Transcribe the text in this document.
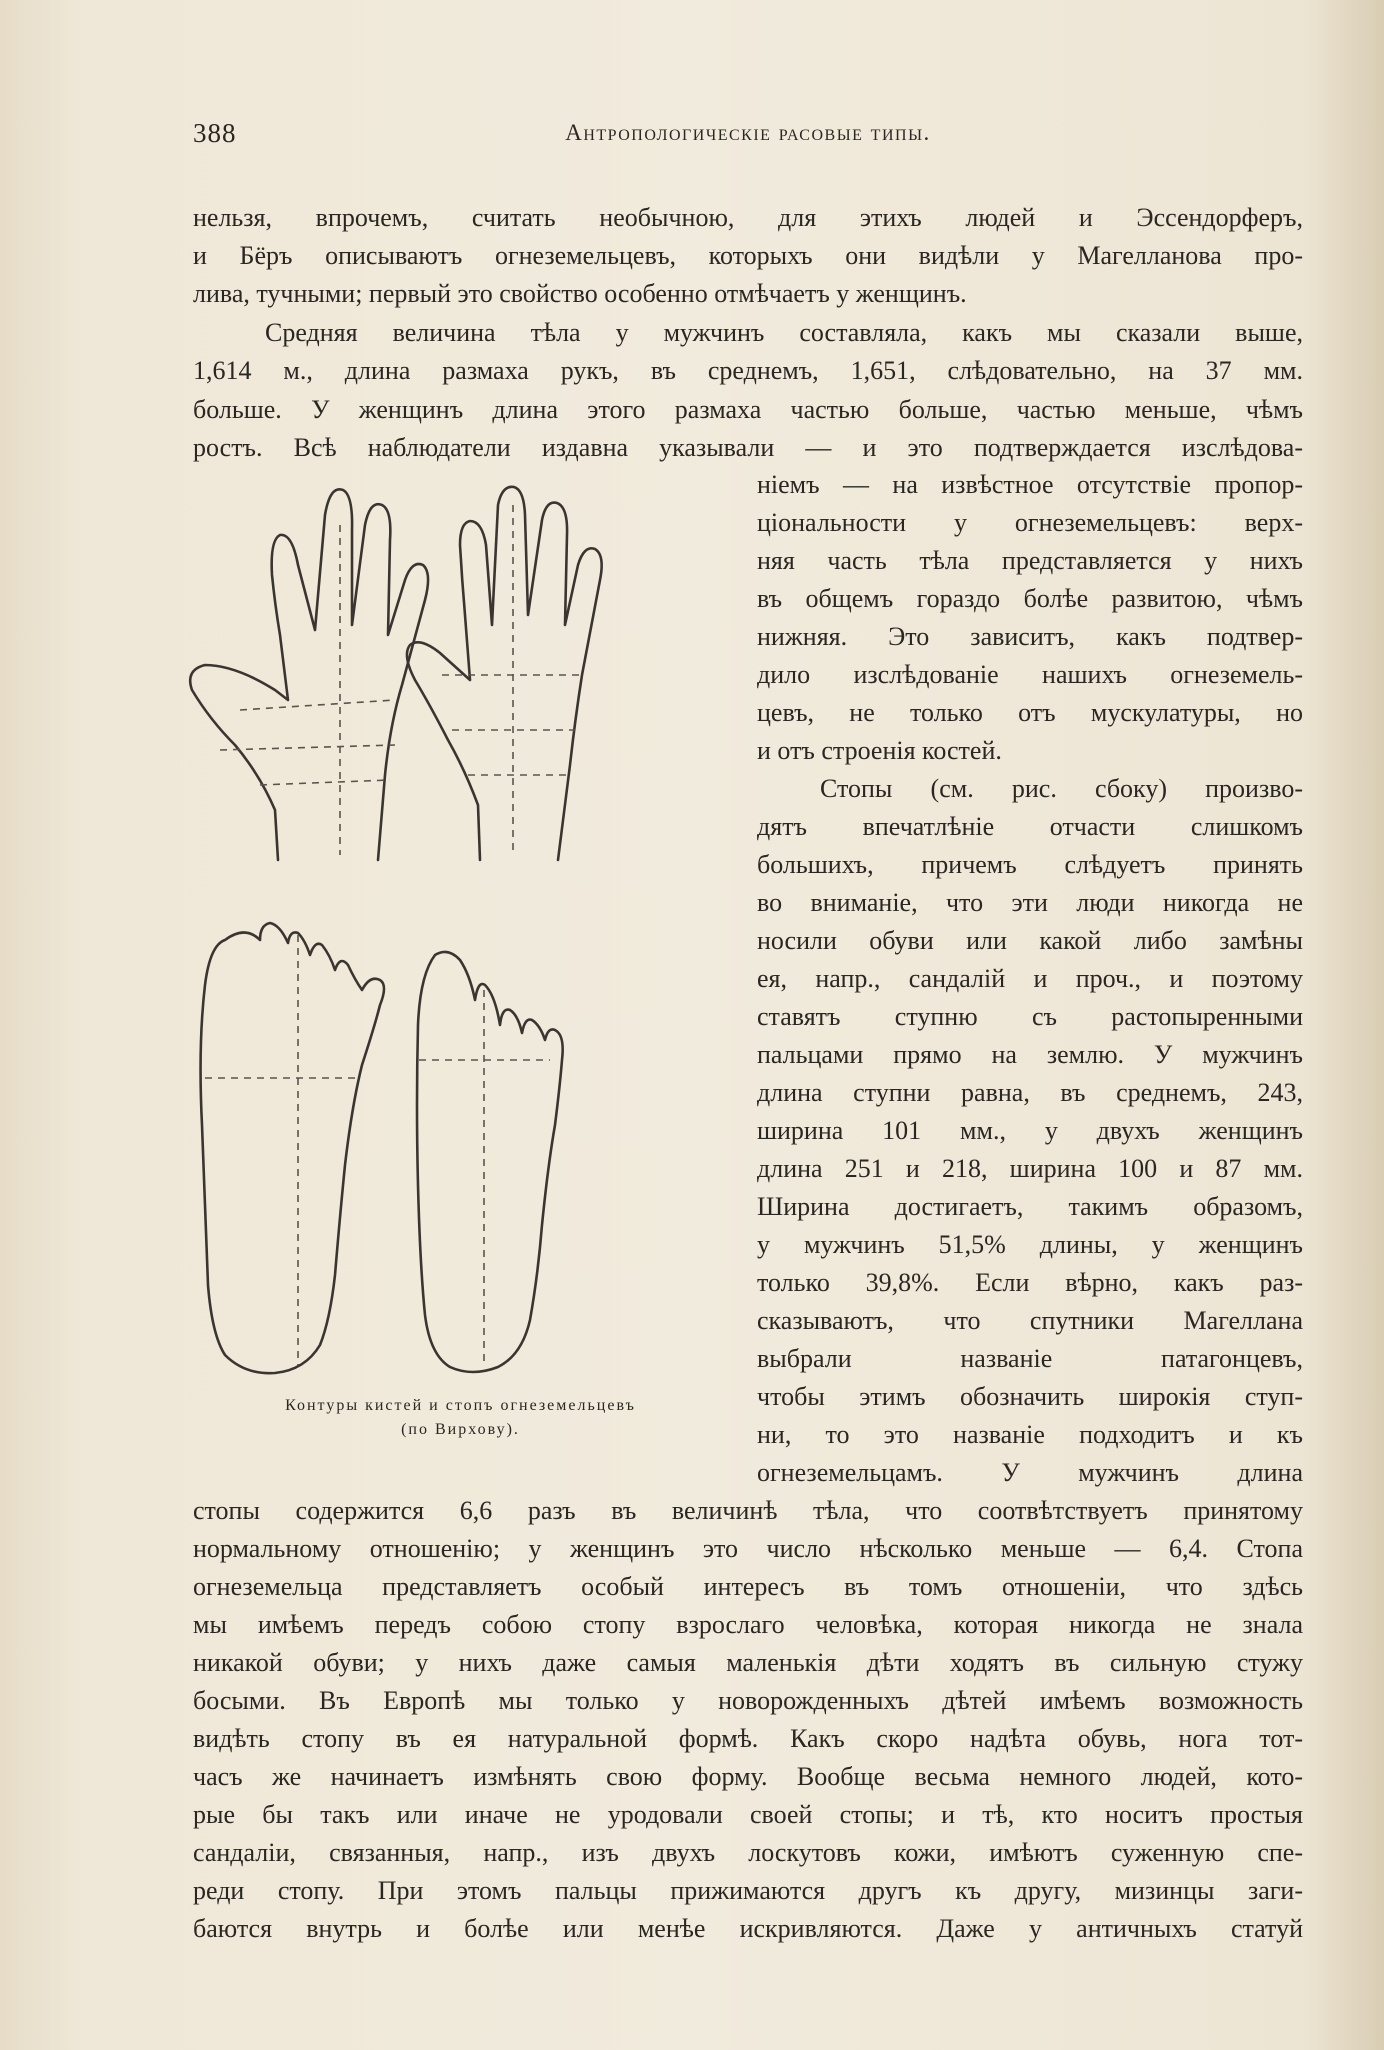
388	Антропологическіе расовые типы.
нельзя, впрочемъ, считать необычною, для этихъ людей и Эссендорферъ,
и Бёръ описываютъ огнеземельцевъ, которыхъ они видѣли у Магелланова про-
лива, тучными; первый это свойство особенно отмѣчаетъ у женщинъ.
Средняя величина тѣла у мужчинъ составляла, какъ мы сказали выше,
1,614 м., длина размаха рукъ, въ среднемъ, 1,651, слѣдовательно, на 37 мм.
больше. У женщинъ длина этого размаха частью больше, частью меньше, чѣмъ
ростъ. Всѣ наблюдатели издавна указывали — и это подтверждается изслѣдова-
ніемъ — на извѣстное отсутствіе пропор-
ціональности у огнеземельцевъ: верх-
няя часть тѣла представляется у нихъ
въ общемъ гораздо болѣе развитою, чѣмъ
нижняя. Это зависитъ, какъ подтвер-
дило изслѣдованіе нашихъ огнеземель-
цевъ, не только отъ мускулатуры, но
и отъ строенія костей.
Стопы (см. рис. сбоку) произво-
дятъ впечатлѣніе отчасти слишкомъ
большихъ, причемъ слѣдуетъ принять
во вниманіе, что эти люди никогда не
носили обуви или какой либо замѣны
ея, напр., сандалій и проч., и поэтому
ставятъ ступню съ растопыренными
пальцами прямо на землю. У мужчинъ
длина ступни равна, въ среднемъ, 243,
ширина 101 мм., у двухъ женщинъ
длина 251 и 218, ширина 100 и 87 мм.
Ширина достигаетъ, такимъ образомъ,
у мужчинъ 51,5% длины, у женщинъ
только 39,8%. Если вѣрно, какъ раз-
сказываютъ, что спутники Магеллана
выбрали названіе патагонцевъ,
чтобы этимъ обозначить широкія ступ-
ни, то это названіе подходитъ и къ
огнеземельцамъ. У мужчинъ длина
Контуры кистей и стопъ огнеземельцевъ
(по Вирхову).
стопы содержится 6,6 разъ въ величинѣ тѣла, что соотвѣтствуетъ принятому
нормальному отношенію; у женщинъ это число нѣсколько меньше — 6,4. Стопа
огнеземельца представляетъ особый интересъ въ томъ отношеніи, что здѣсь
мы имѣемъ передъ собою стопу взрослаго человѣка, которая никогда не знала
никакой обуви; у нихъ даже самыя маленькія дѣти ходятъ въ сильную стужу
босыми. Въ Европѣ мы только у новорожденныхъ дѣтей имѣемъ возможность
видѣть стопу въ ея натуральной формѣ. Какъ скоро надѣта обувь, нога тот-
часъ же начинаетъ измѣнять свою форму. Вообще весьма немного людей, кото-
рые бы такъ или иначе не уродовали своей стопы; и тѣ, кто носитъ простыя
сандаліи, связанныя, напр., изъ двухъ лоскутовъ кожи, имѣютъ суженную спе-
реди стопу. При этомъ пальцы прижимаются другъ къ другу, мизинцы заги-
баются внутрь и болѣе или менѣе искривляются. Даже у античныхъ статуй
